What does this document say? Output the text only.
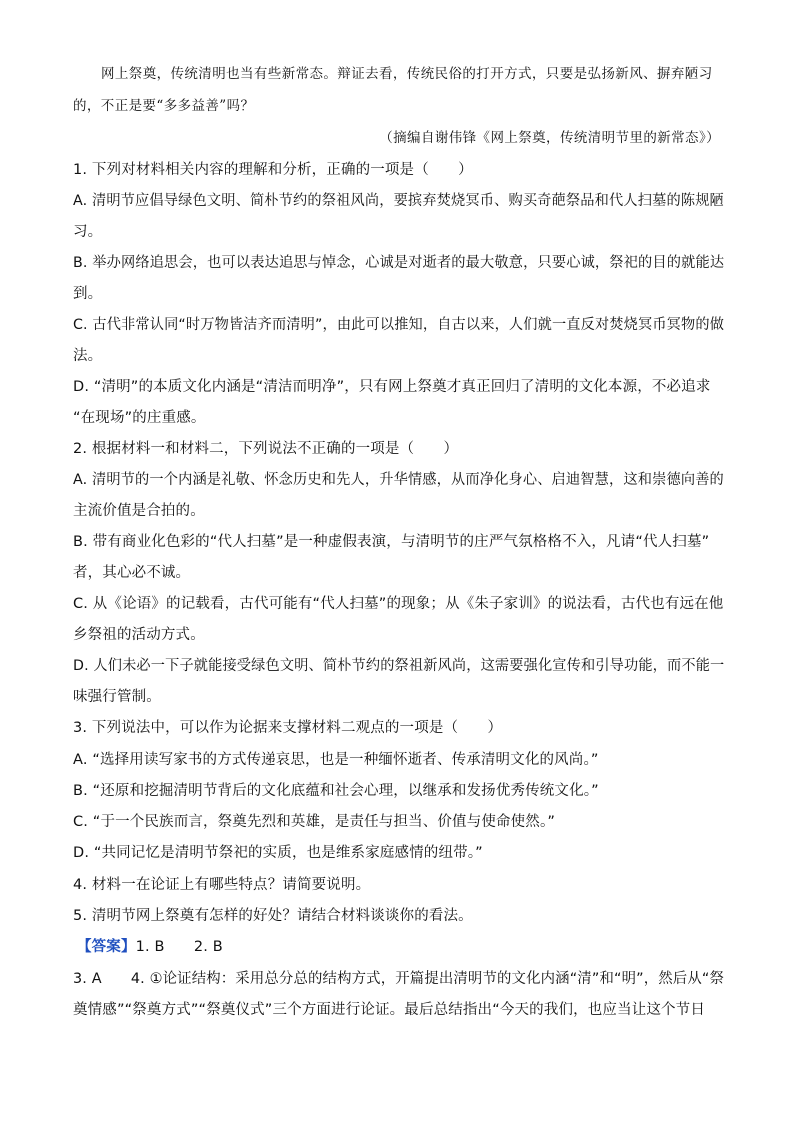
网上祭奠，传统清明也当有些新常态。辩证去看，传统民俗的打开方式，只要是弘扬新风、摒弃陋习
的，不正是要“多多益善”吗？
（摘编自谢伟锋《网上祭奠，传统清明节里的新常态》）
1. 下列对材料相关内容的理解和分析，正确的一项是（　　）
A. 清明节应倡导绿色文明、简朴节约的祭祖风尚，要摈弃焚烧冥币、购买奇葩祭品和代人扫墓的陈规陋
习。
B. 举办网络追思会，也可以表达追思与悼念，心诚是对逝者的最大敬意，只要心诚，祭祀的目的就能达
到。
C. 古代非常认同“时万物皆洁齐而清明”，由此可以推知，自古以来，人们就一直反对焚烧冥币冥物的做
法。
D. “清明”的本质文化内涵是“清洁而明净”，只有网上祭奠才真正回归了清明的文化本源，不必追求
“在现场”的庄重感。
2. 根据材料一和材料二，下列说法不正确的一项是（　　）
A. 清明节的一个内涵是礼敬、怀念历史和先人，升华情感，从而净化身心、启迪智慧，这和崇德向善的
主流价值是合拍的。
B. 带有商业化色彩的“代人扫墓”是一种虚假表演，与清明节的庄严气氛格格不入，凡请“代人扫墓”
者，其心必不诚。
C. 从《论语》的记载看，古代可能有“代人扫墓”的现象；从《朱子家训》的说法看，古代也有远在他
乡祭祖的活动方式。
D. 人们未必一下子就能接受绿色文明、简朴节约的祭祖新风尚，这需要强化宣传和引导功能，而不能一
味强行管制。
3. 下列说法中，可以作为论据来支撑材料二观点的一项是（　　）
A. “选择用读写家书的方式传递哀思，也是一种缅怀逝者、传承清明文化的风尚。”
B. “还原和挖掘清明节背后的文化底蕴和社会心理，以继承和发扬优秀传统文化。”
C. “于一个民族而言，祭奠先烈和英雄，是责任与担当、价值与使命使然。”
D. “共同记忆是清明节祭祀的实质，也是维系家庭感情的纽带。”
4. 材料一在论证上有哪些特点？请简要说明。
5. 清明节网上祭奠有怎样的好处？请结合材料谈谈你的看法。
【答案】1. B　　2. B
3. A　　4. ①论证结构：采用总分总的结构方式，开篇提出清明节的文化内涵“清”和“明”，然后从“祭
奠情感”“祭奠方式”“祭奠仪式”三个方面进行论证。最后总结指出“今天的我们，也应当让这个节日
